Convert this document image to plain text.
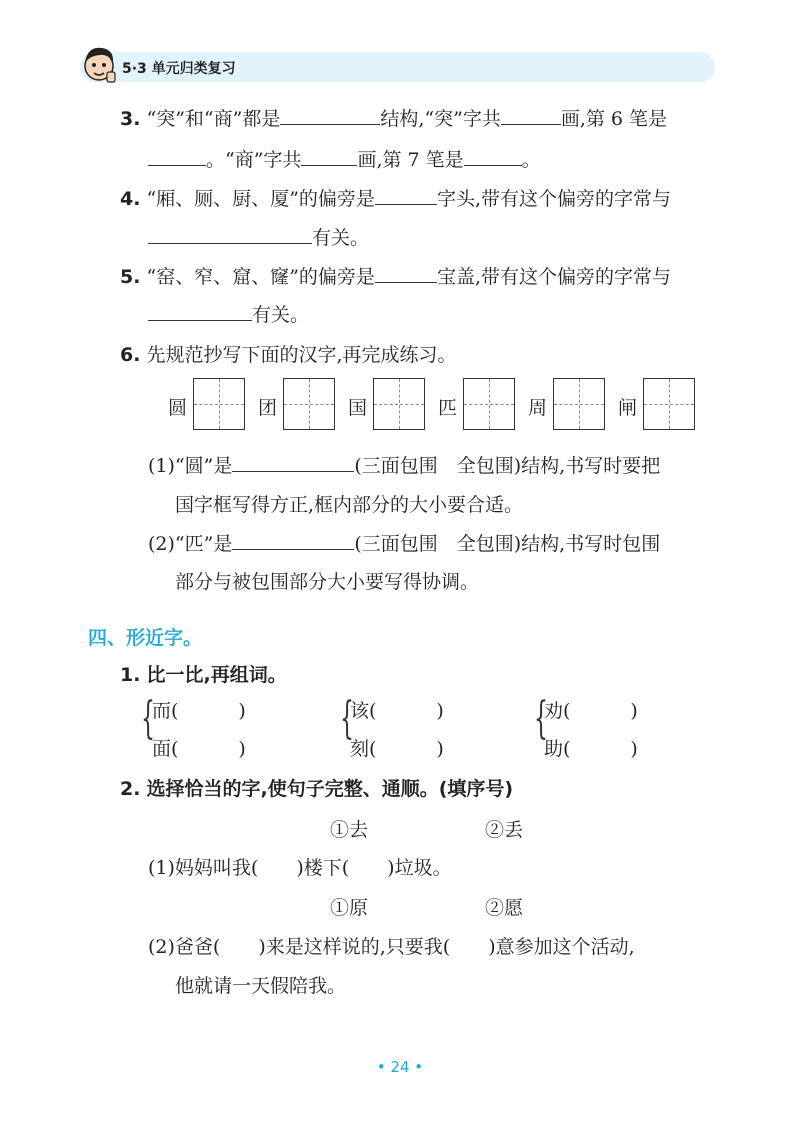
5·3 单元归类复习
3. “突”和“商”都是	结构,“突”字共	画,第 6 笔是
。“商”字共	画,第 7 笔是	。
4. “厢、厕、厨、厦”的偏旁是	字头,带有这个偏旁的字常与
有关。
5. “窑、窄、窟、窿”的偏旁是	宝盖,带有这个偏旁的字常与
有关。
6. 先规范抄写下面的汉字,再完成练习。
圆	团	国	匹	周	闸
(1)“圆”是	(三面包围　全包围)结构,书写时要把
国字框写得方正,框内部分的大小要合适。
(2)“匹”是	(三面包围　全包围)结构,书写时包围
部分与被包围部分大小要写得协调。
四、形近字。
1. 比一比,再组词。
{
而(	)
面(	)
{
该(	)
刻(	)
{
劝(	)
助(	)
2. 选择恰当的字,使句子完整、通顺。(填序号)
①去	②丢
(1)妈妈叫我( )楼下( )垃圾。
①原	②愿
(2)爸爸( )来是这样说的,只要我( )意参加这个活动,
他就请一天假陪我。
• 24 •
